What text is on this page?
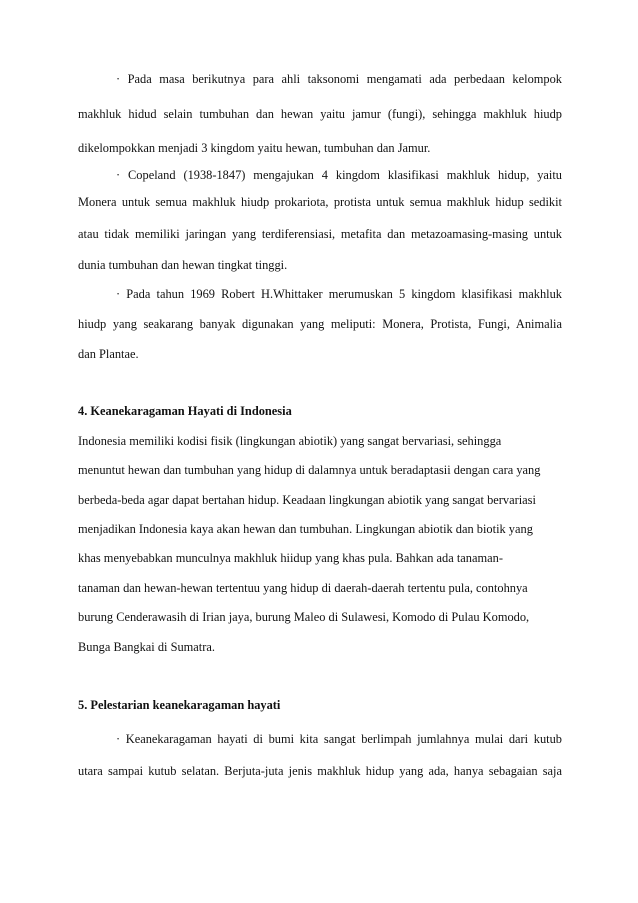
· Pada masa berikutnya para ahli taksonomi mengamati ada perbedaan kelompok
makhluk hidud selain tumbuhan dan hewan yaitu jamur (fungi), sehingga makhluk hiudp
dikelompokkan menjadi 3 kingdom yaitu hewan, tumbuhan dan Jamur.
· Copeland (1938-1847) mengajukan 4 kingdom klasifikasi makhluk hidup, yaitu
Monera untuk semua makhluk hiudp prokariota, protista untuk semua makhluk hidup sedikit
atau tidak memiliki jaringan yang terdiferensiasi, metafita dan metazoamasing-masing untuk
dunia tumbuhan dan hewan tingkat tinggi.
· Pada tahun 1969 Robert H.Whittaker merumuskan 5 kingdom klasifikasi makhluk
hiudp yang seakarang banyak digunakan yang meliputi: Monera, Protista, Fungi, Animalia
dan Plantae.
4. Keanekaragaman Hayati di Indonesia
Indonesia memiliki kodisi fisik (lingkungan abiotik) yang sangat bervariasi, sehingga
menuntut hewan dan tumbuhan yang hidup di dalamnya untuk beradaptasii dengan cara yang
berbeda-beda agar dapat bertahan hidup. Keadaan lingkungan abiotik yang sangat bervariasi
menjadikan Indonesia kaya akan hewan dan tumbuhan. Lingkungan abiotik dan biotik yang
khas menyebabkan munculnya makhluk hiidup yang khas pula. Bahkan ada tanaman-
tanaman dan hewan-hewan tertentuu yang hidup di daerah-daerah tertentu pula, contohnya
burung Cenderawasih di Irian jaya, burung Maleo di Sulawesi, Komodo di Pulau Komodo,
Bunga Bangkai di Sumatra.
5. Pelestarian keanekaragaman hayati
· Keanekaragaman hayati di bumi kita sangat berlimpah jumlahnya mulai dari kutub
utara sampai kutub selatan. Berjuta-juta jenis makhluk hidup yang ada, hanya sebagaian saja
